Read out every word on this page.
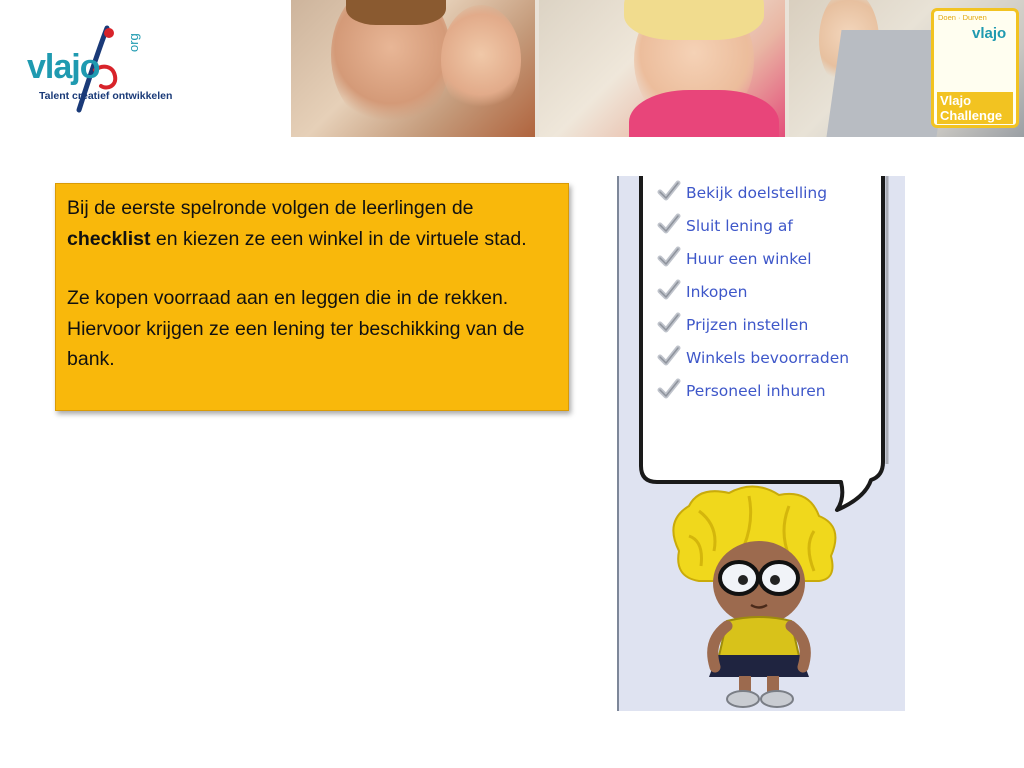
vlajo
org
Talent creatief ontwikkelen
Doen · Durven
vlajo
Vlajo
Challenge

Bij de eerste spelronde volgen de leerlingen de checklist en kiezen ze een winkel in de virtuele stad.

Ze kopen voorraad aan en leggen die in de rekken. Hiervoor krijgen ze een lening ter beschikking van de bank.

Bekijk doelstelling
Sluit lening af
Huur een winkel
Inkopen
Prijzen instellen
Winkels bevoorraden
Personeel inhuren
